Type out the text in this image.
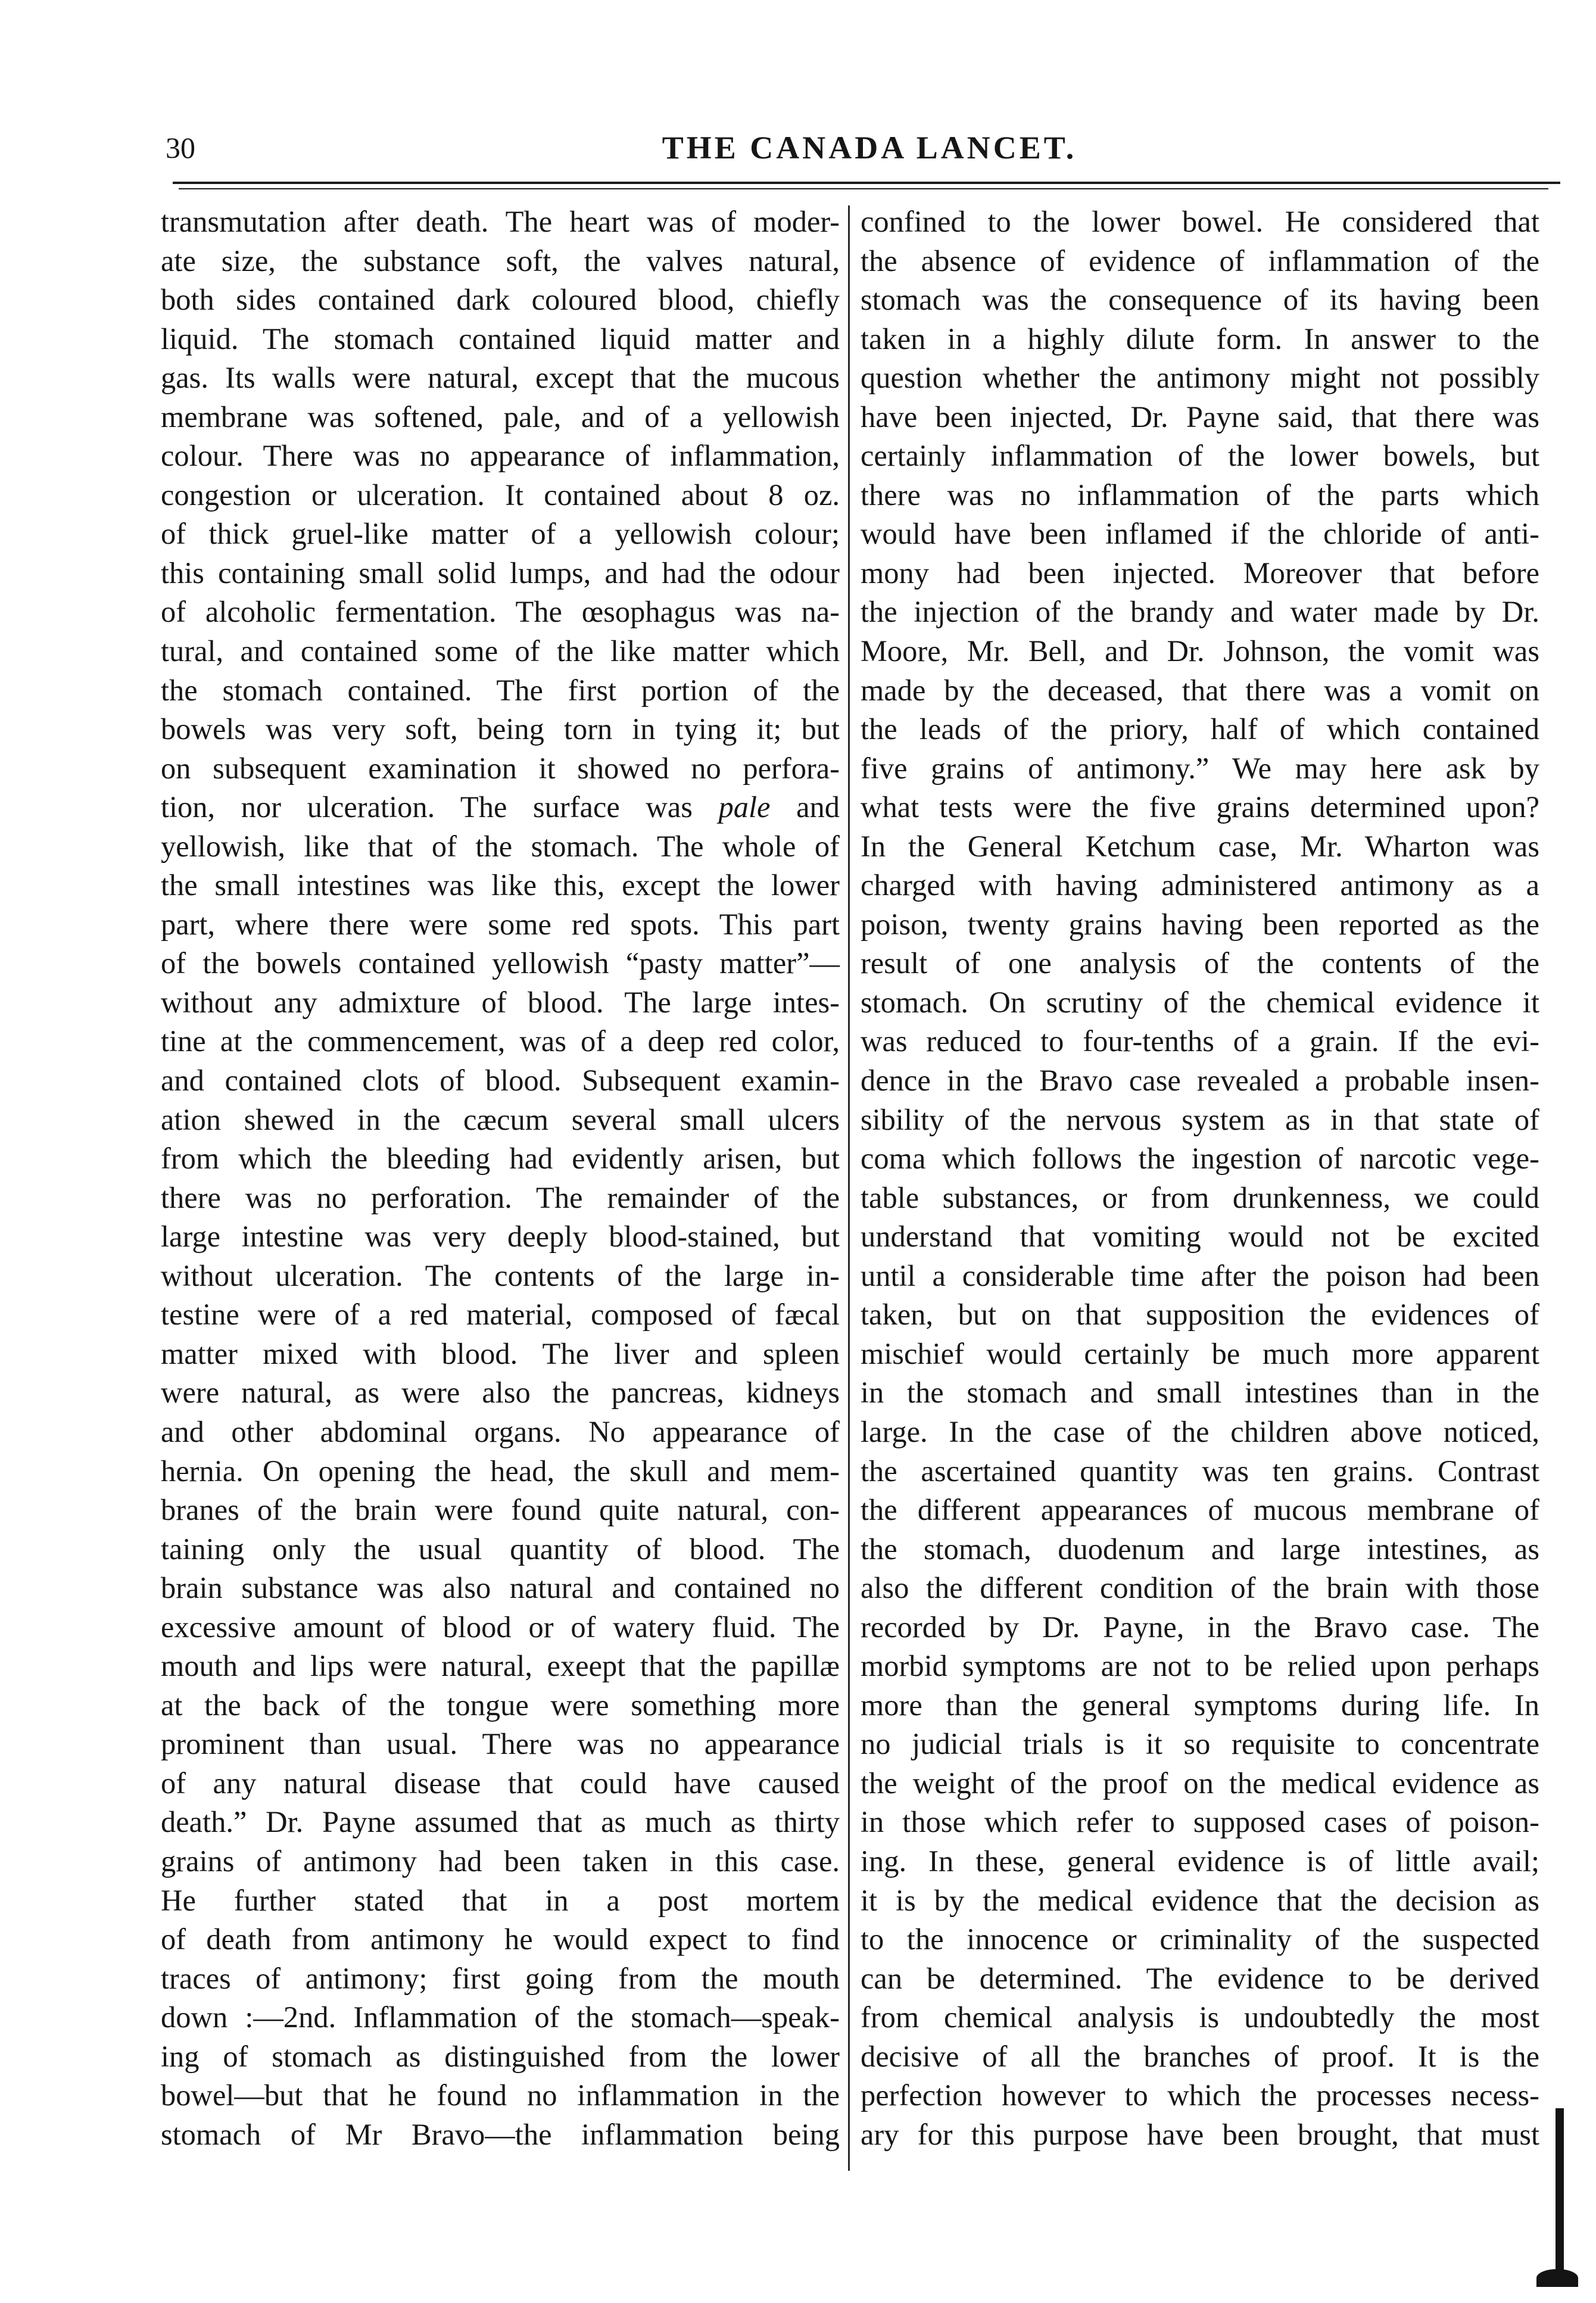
30	THE CANADA LANCET.
transmutation after death. The heart was of moder-
ate size, the substance soft, the valves natural,
both sides contained dark coloured blood, chiefly
liquid. The stomach contained liquid matter and
gas. Its walls were natural, except that the mucous
membrane was softened, pale, and of a yellowish
colour. There was no appearance of inflammation,
congestion or ulceration. It contained about 8 oz.
of thick gruel-like matter of a yellowish colour;
this containing small solid lumps, and had the odour
of alcoholic fermentation. The œsophagus was na-
tural, and contained some of the like matter which
the stomach contained. The first portion of the
bowels was very soft, being torn in tying it; but
on subsequent examination it showed no perfora-
tion, nor ulceration. The surface was pale and
yellowish, like that of the stomach. The whole of
the small intestines was like this, except the lower
part, where there were some red spots. This part
of the bowels contained yellowish “pasty matter”—
without any admixture of blood. The large intes-
tine at the commencement, was of a deep red color,
and contained clots of blood. Subsequent examin-
ation shewed in the cæcum several small ulcers
from which the bleeding had evidently arisen, but
there was no perforation. The remainder of the
large intestine was very deeply blood-stained, but
without ulceration. The contents of the large in-
testine were of a red material, composed of fæcal
matter mixed with blood. The liver and spleen
were natural, as were also the pancreas, kidneys
and other abdominal organs. No appearance of
hernia. On opening the head, the skull and mem-
branes of the brain were found quite natural, con-
taining only the usual quantity of blood. The
brain substance was also natural and contained no
excessive amount of blood or of watery fluid. The
mouth and lips were natural, exeept that the papillæ
at the back of the tongue were something more
prominent than usual. There was no appearance
of any natural disease that could have caused
death.” Dr. Payne assumed that as much as thirty
grains of antimony had been taken in this case.
He further stated that in a post mortem
of death from antimony he would expect to find
traces of antimony; first going from the mouth
down :—2nd. Inflammation of the stomach—speak-
ing of stomach as distinguished from the lower
bowel—but that he found no inflammation in the
stomach of Mr Bravo—the inflammation being
confined to the lower bowel. He considered that
the absence of evidence of inflammation of the
stomach was the consequence of its having been
taken in a highly dilute form. In answer to the
question whether the antimony might not possibly
have been injected, Dr. Payne said, that there was
certainly inflammation of the lower bowels, but
there was no inflammation of the parts which
would have been inflamed if the chloride of anti-
mony had been injected. Moreover that before
the injection of the brandy and water made by Dr.
Moore, Mr. Bell, and Dr. Johnson, the vomit was
made by the deceased, that there was a vomit on
the leads of the priory, half of which contained
five grains of antimony.” We may here ask by
what tests were the five grains determined upon?
In the General Ketchum case, Mr. Wharton was
charged with having administered antimony as a
poison, twenty grains having been reported as the
result of one analysis of the contents of the
stomach. On scrutiny of the chemical evidence it
was reduced to four-tenths of a grain. If the evi-
dence in the Bravo case revealed a probable insen-
sibility of the nervous system as in that state of
coma which follows the ingestion of narcotic vege-
table substances, or from drunkenness, we could
understand that vomiting would not be excited
until a considerable time after the poison had been
taken, but on that supposition the evidences of
mischief would certainly be much more apparent
in the stomach and small intestines than in the
large. In the case of the children above noticed,
the ascertained quantity was ten grains. Contrast
the different appearances of mucous membrane of
the stomach, duodenum and large intestines, as
also the different condition of the brain with those
recorded by Dr. Payne, in the Bravo case. The
morbid symptoms are not to be relied upon perhaps
more than the general symptoms during life. In
no judicial trials is it so requisite to concentrate
the weight of the proof on the medical evidence as
in those which refer to supposed cases of poison-
ing. In these, general evidence is of little avail;
it is by the medical evidence that the decision as
to the innocence or criminality of the suspected
can be determined. The evidence to be derived
from chemical analysis is undoubtedly the most
decisive of all the branches of proof. It is the
perfection however to which the processes necess-
ary for this purpose have been brought, that must
